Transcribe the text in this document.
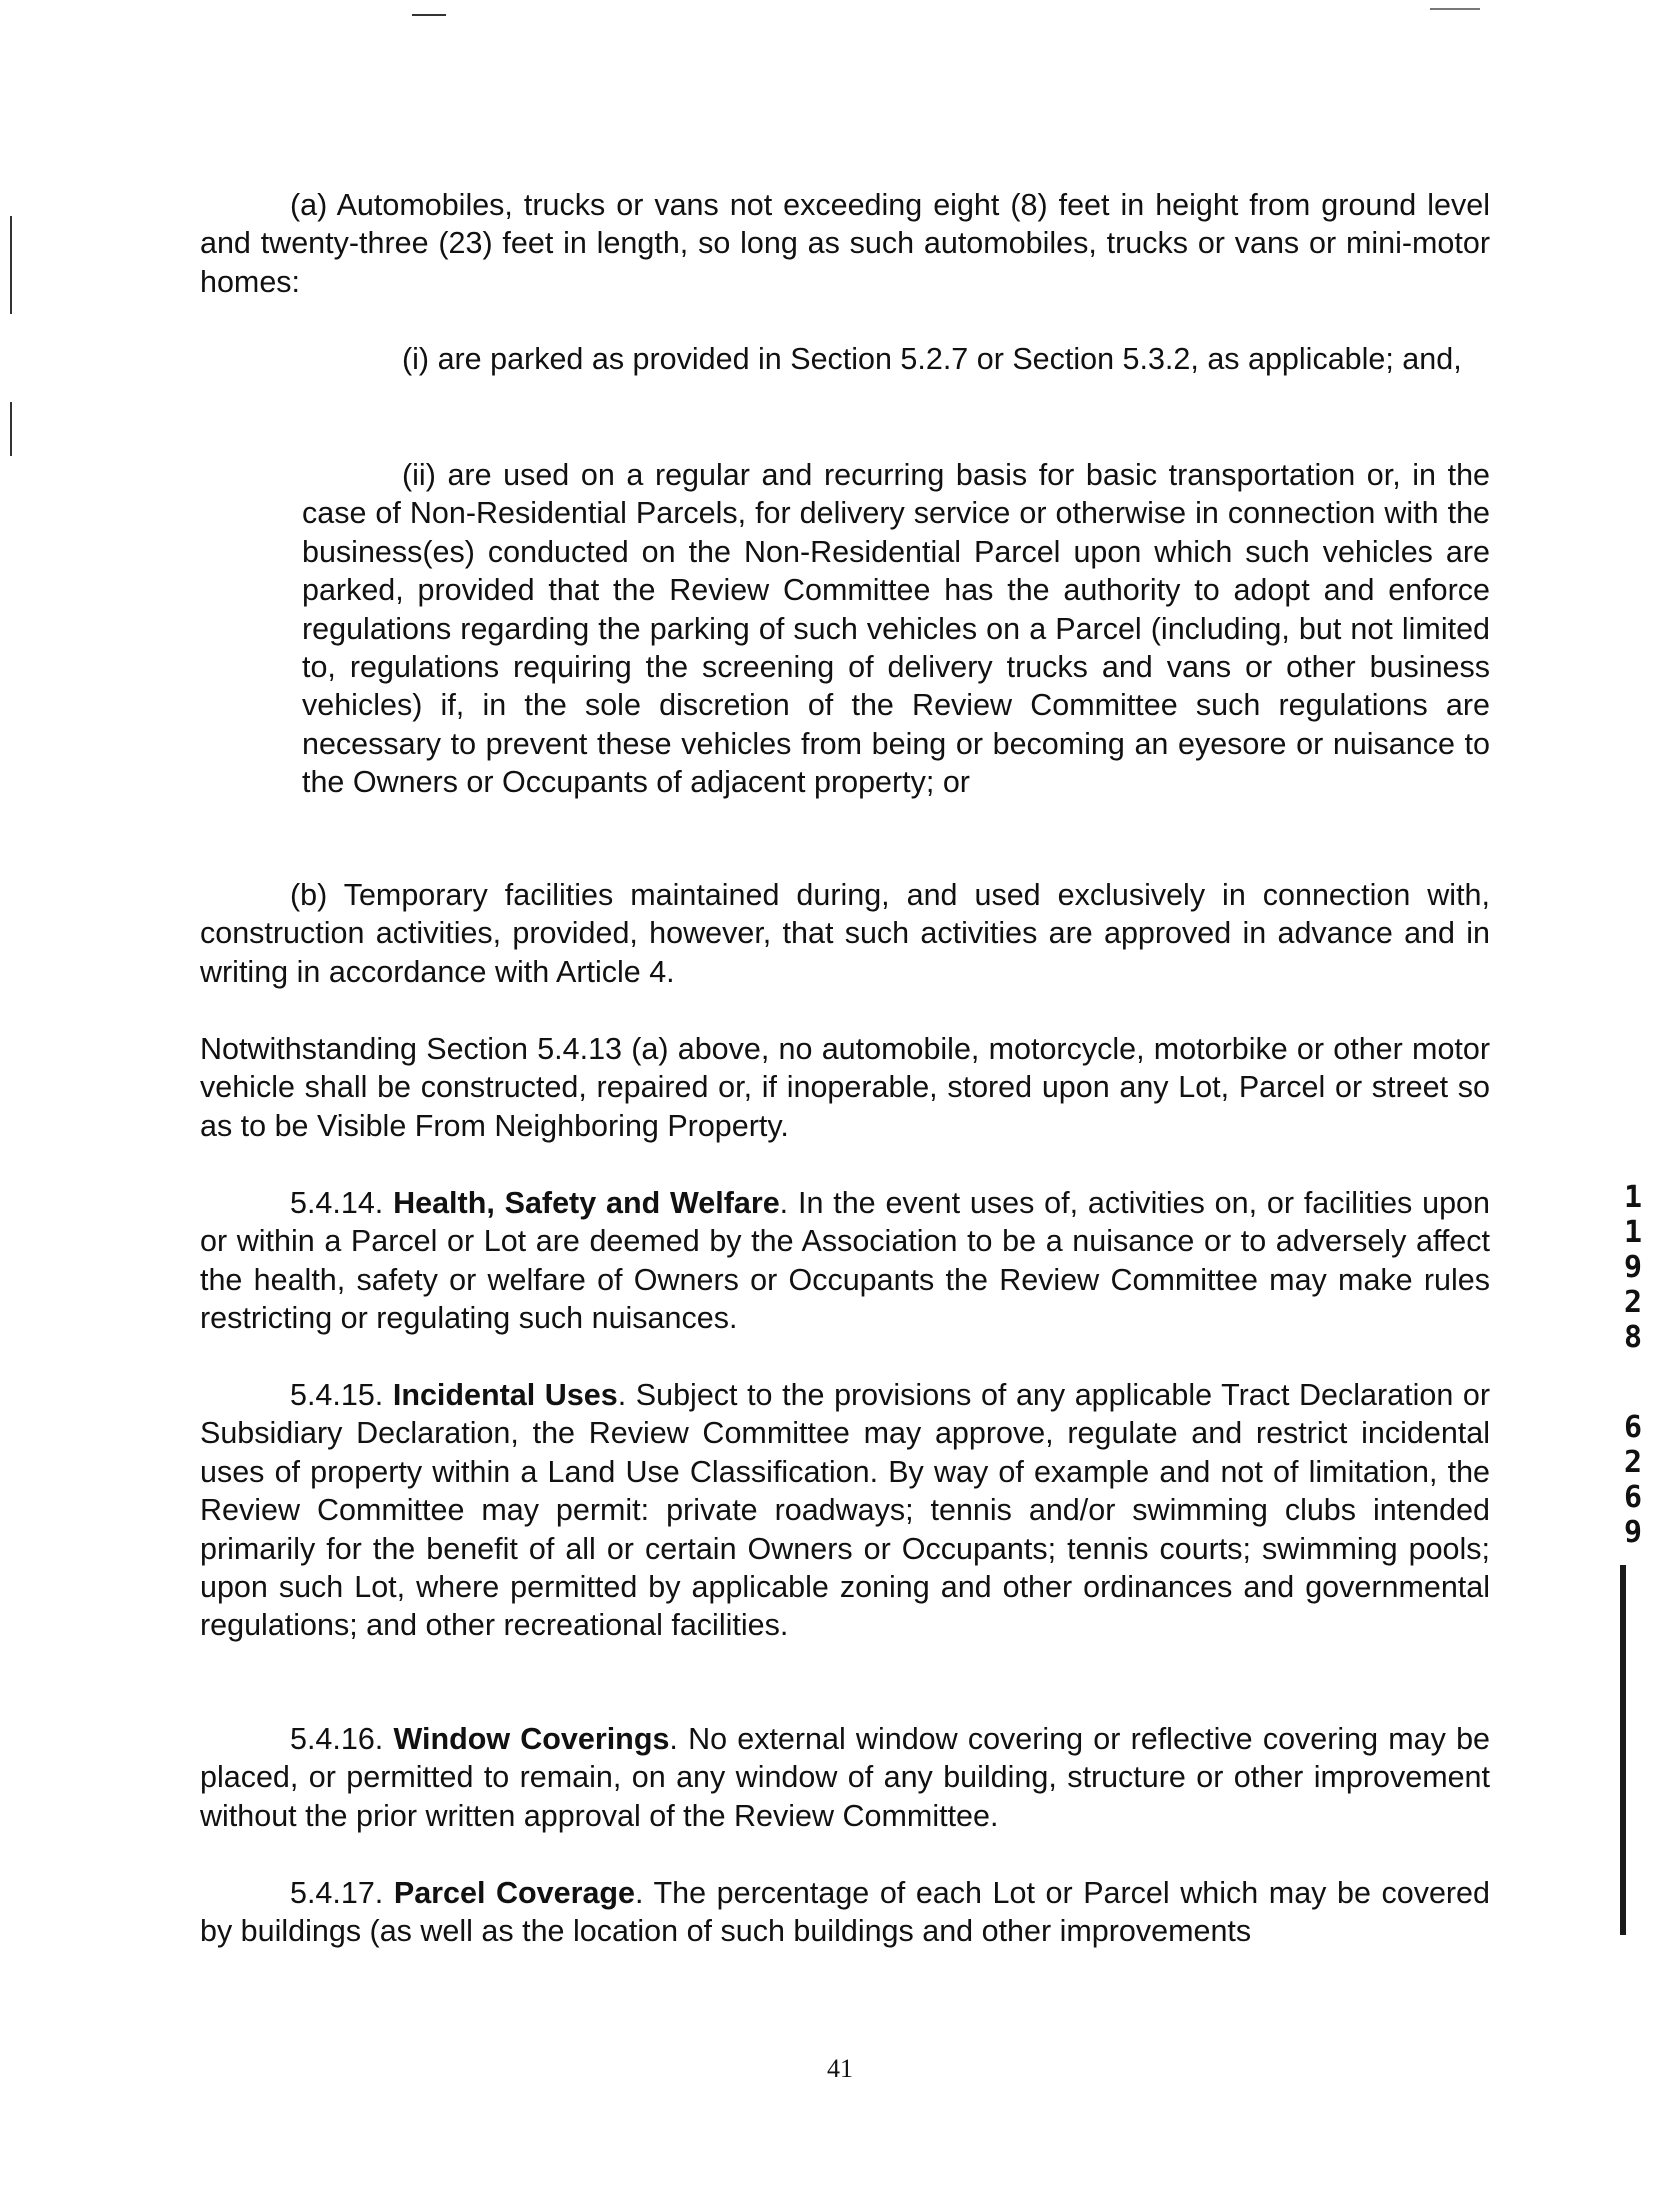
(a) Automobiles, trucks or vans not exceeding eight (8) feet in height from ground level and twenty-three (23) feet in length, so long as such automobiles, trucks or vans or mini-motor homes:

(i) are parked as provided in Section 5.2.7 or Section 5.3.2, as applicable; and,

(ii) are used on a regular and recurring basis for basic transportation or, in the case of Non-Residential Parcels, for delivery service or otherwise in connection with the business(es) conducted on the Non-Residential Parcel upon which such vehicles are parked, provided that the Review Committee has the authority to adopt and enforce regulations regarding the parking of such vehicles on a Parcel (including, but not limited to, regulations requiring the screening of delivery trucks and vans or other business vehicles) if, in the sole discretion of the Review Committee such regulations are necessary to prevent these vehicles from being or becoming an eyesore or nuisance to the Owners or Occupants of adjacent property; or

(b) Temporary facilities maintained during, and used exclusively in connection with, construction activities, provided, however, that such activities are approved in advance and in writing in accordance with Article 4.

Notwithstanding Section 5.4.13 (a) above, no automobile, motorcycle, motorbike or other motor vehicle shall be constructed, repaired or, if inoperable, stored upon any Lot, Parcel or street so as to be Visible From Neighboring Property.

5.4.14. Health, Safety and Welfare. In the event uses of, activities on, or facilities upon or within a Parcel or Lot are deemed by the Association to be a nuisance or to adversely affect the health, safety or welfare of Owners or Occupants the Review Committee may make rules restricting or regulating such nuisances.

5.4.15. Incidental Uses. Subject to the provisions of any applicable Tract Declaration or Subsidiary Declaration, the Review Committee may approve, regulate and restrict incidental uses of property within a Land Use Classification. By way of example and not of limitation, the Review Committee may permit: private roadways; tennis and/or swimming clubs intended primarily for the benefit of all or certain Owners or Occupants; tennis courts; swimming pools; upon such Lot, where permitted by applicable zoning and other ordinances and governmental regulations; and other recreational facilities.

5.4.16. Window Coverings. No external window covering or reflective covering may be placed, or permitted to remain, on any window of any building, structure or other improvement without the prior written approval of the Review Committee.

5.4.17. Parcel Coverage. The percentage of each Lot or Parcel which may be covered by buildings (as well as the location of such buildings and other improvements

11928
6269
41
